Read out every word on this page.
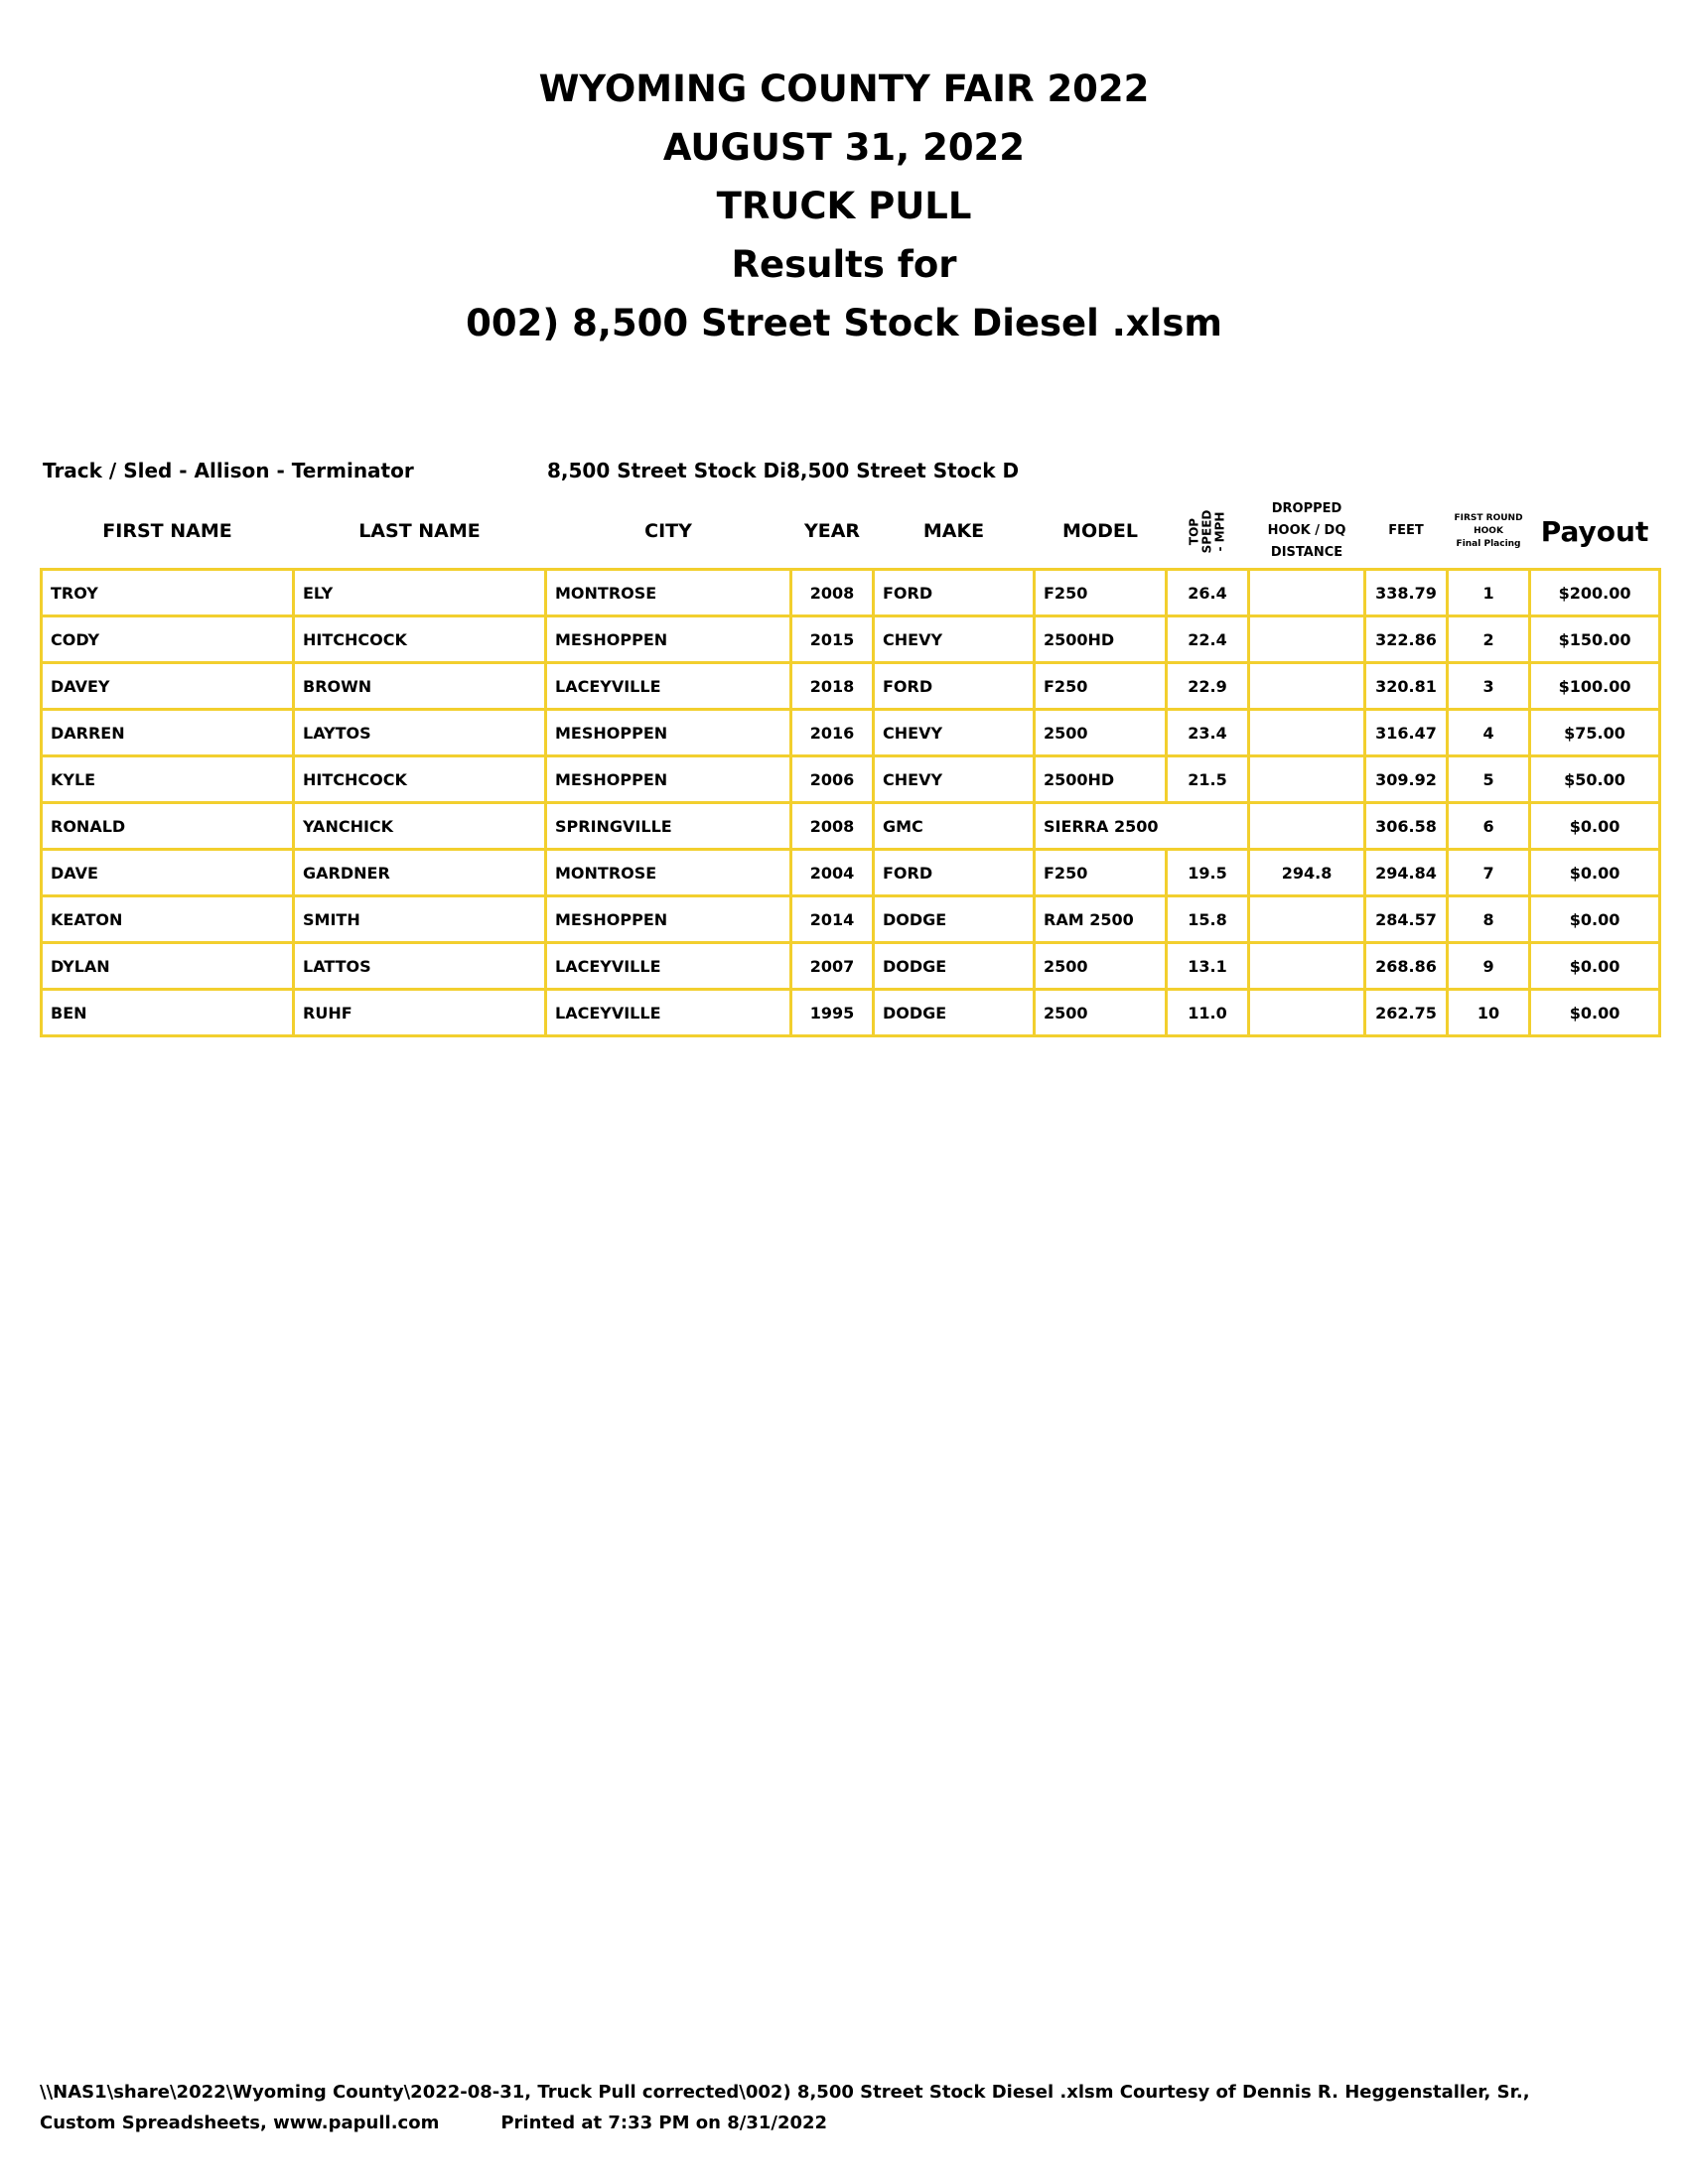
WYOMING COUNTY FAIR 2022
AUGUST 31, 2022
TRUCK PULL
Results for
002) 8,500 Street Stock Diesel .xlsm
Track / Sled - Allison - Terminator	8,500 Street Stock Di8,500 Street Stock D
FIRST NAME	LAST NAME	CITY	YEAR	MAKE	MODEL	TOP
SPEED
- MPH	DROPPED
HOOK / DQ
DISTANCE	FEET	FIRST ROUND
HOOK
Final Placing	Payout
TROY	ELY	MONTROSE	2008	FORD	F250	26.4		338.79	1	$200.00
CODY	HITCHCOCK	MESHOPPEN	2015	CHEVY	2500HD	22.4		322.86	2	$150.00
DAVEY	BROWN	LACEYVILLE	2018	FORD	F250	22.9		320.81	3	$100.00
DARREN	LAYTOS	MESHOPPEN	2016	CHEVY	2500	23.4		316.47	4	$75.00
KYLE	HITCHCOCK	MESHOPPEN	2006	CHEVY	2500HD	21.5		309.92	5	$50.00
RONALD	YANCHICK	SPRINGVILLE	2008	GMC	SIERRA 2500			306.58	6	$0.00
DAVE	GARDNER	MONTROSE	2004	FORD	F250	19.5	294.8	294.84	7	$0.00
KEATON	SMITH	MESHOPPEN	2014	DODGE	RAM 2500	15.8		284.57	8	$0.00
DYLAN	LATTOS	LACEYVILLE	2007	DODGE	2500	13.1		268.86	9	$0.00
BEN	RUHF	LACEYVILLE	1995	DODGE	2500	11.0		262.75	10	$0.00
\\NAS1\share\2022\Wyoming County\2022-08-31, Truck Pull corrected\002) 8,500 Street Stock Diesel .xlsm Courtesy of Dennis R. Heggenstaller, Sr.,
Custom Spreadsheets, www.papull.com	Printed at 7:33 PM on 8/31/2022
